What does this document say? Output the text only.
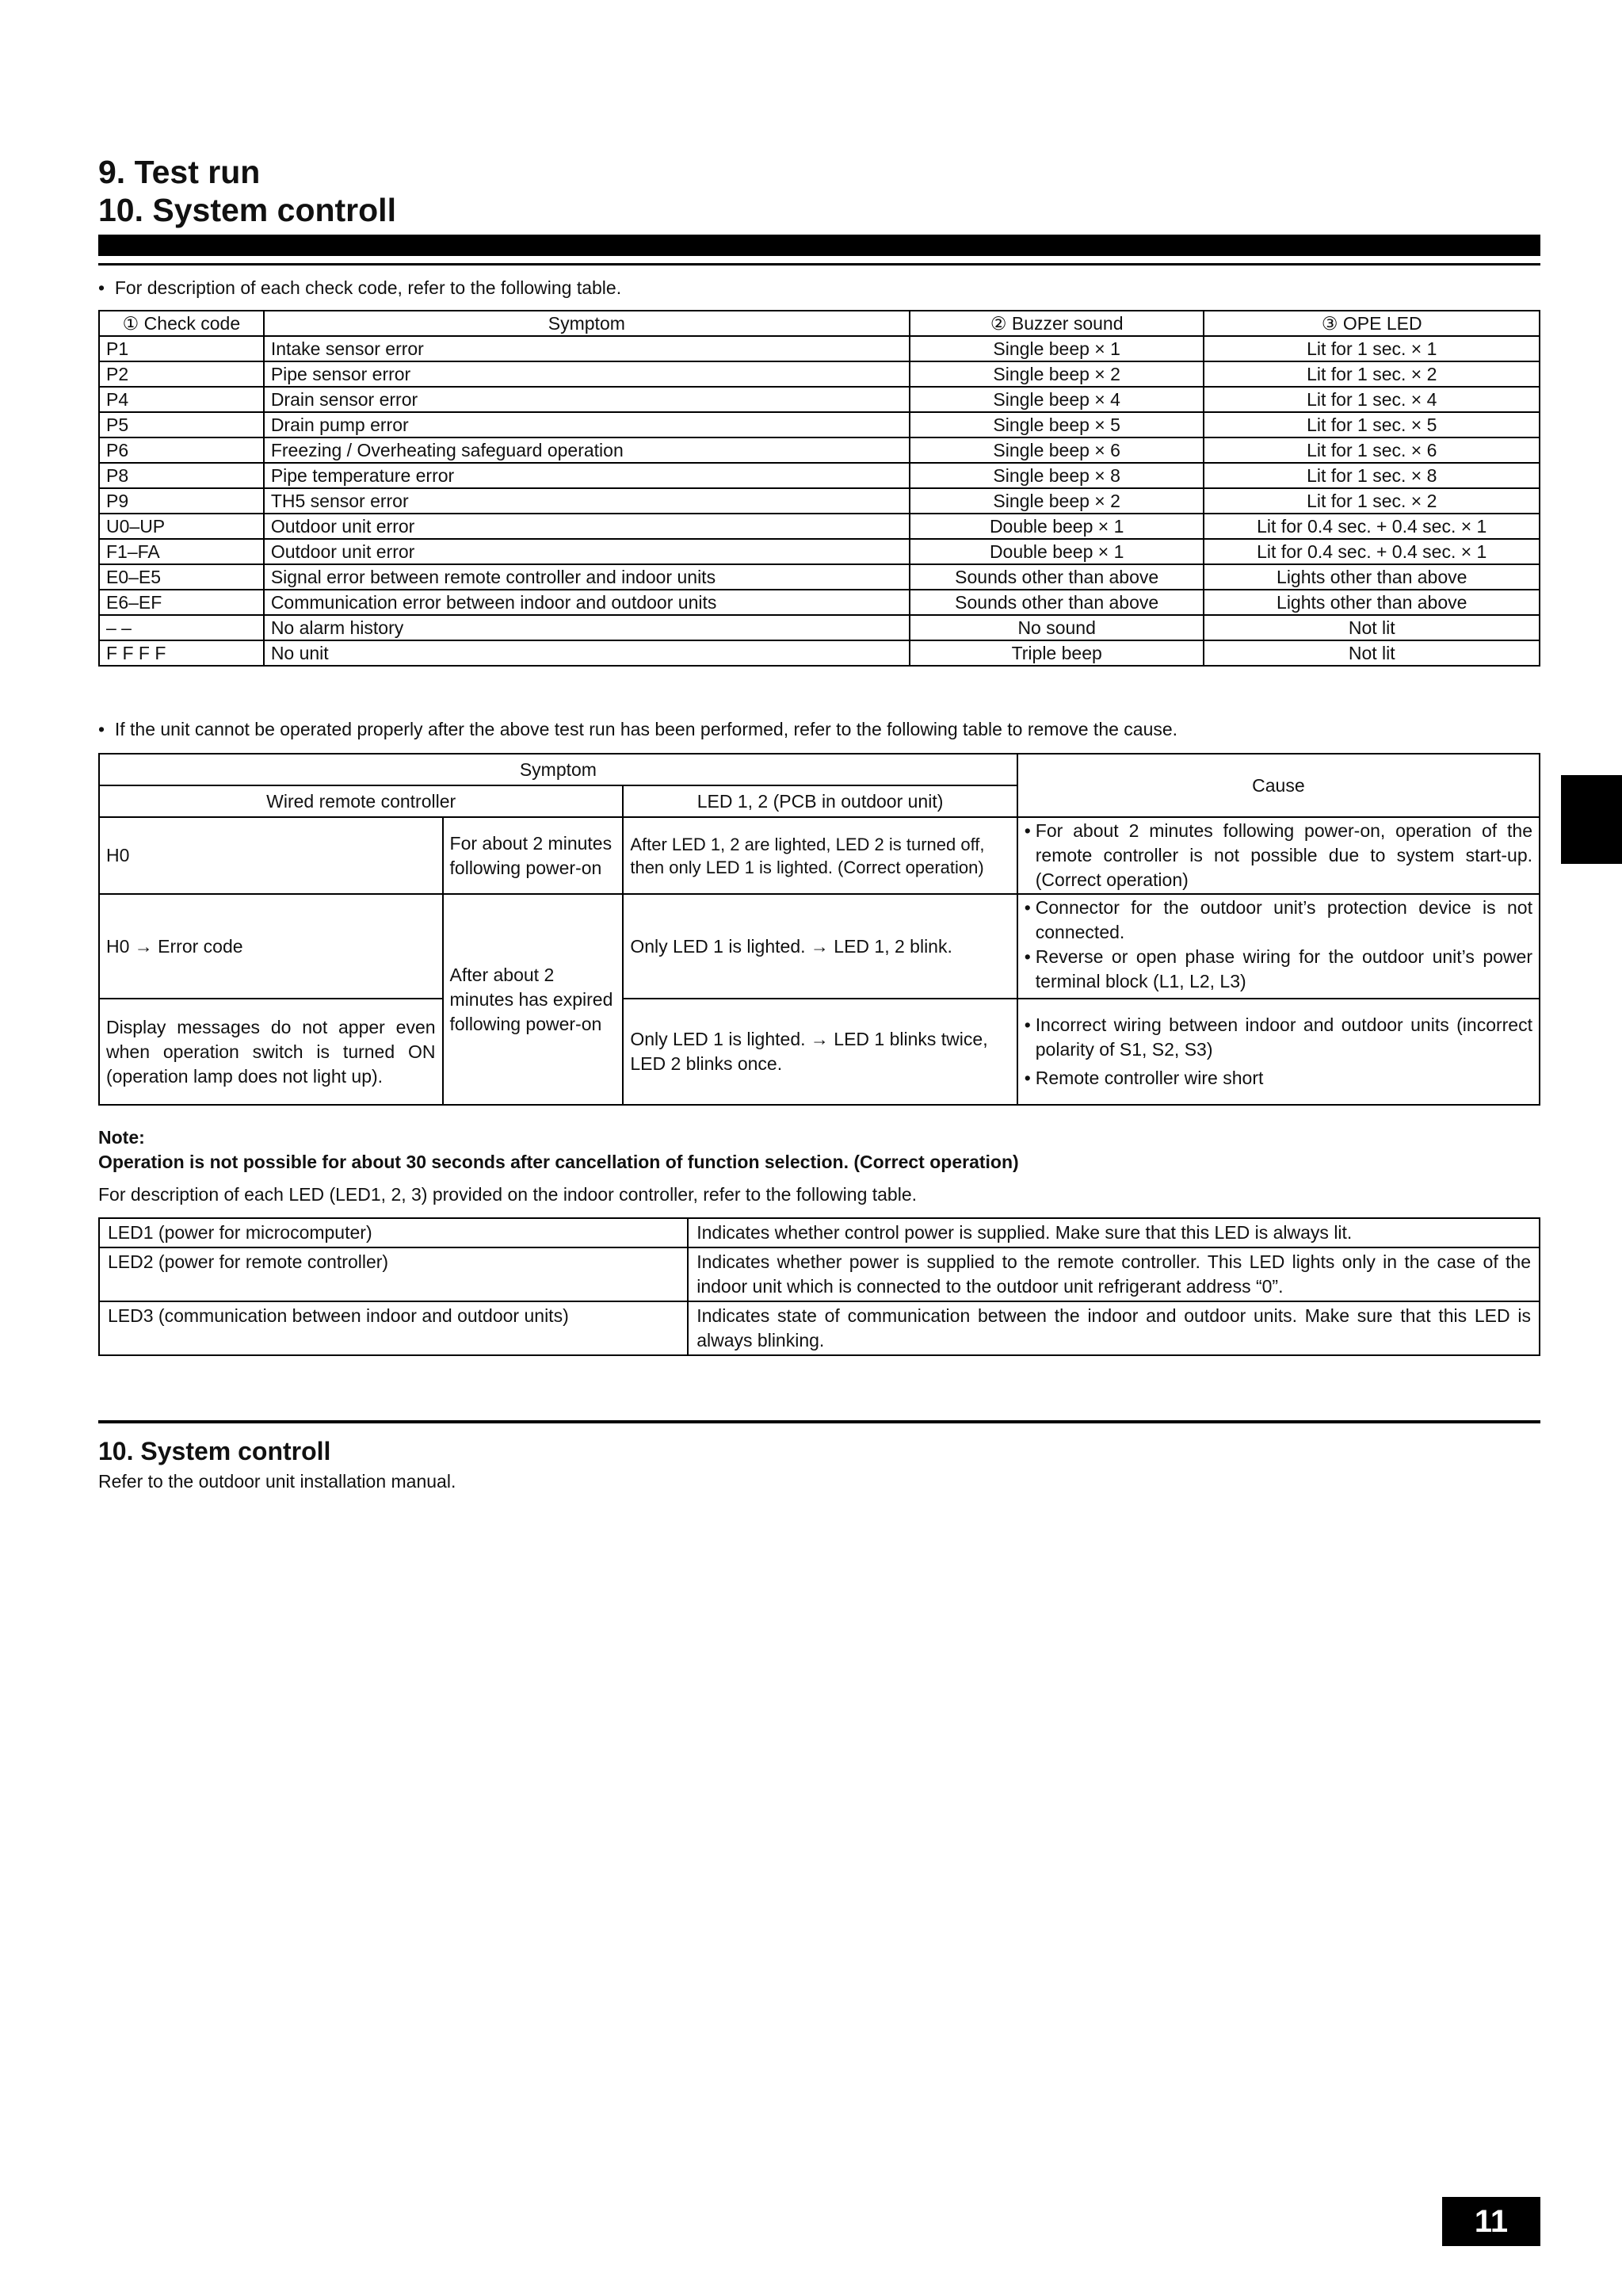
9. Test run
10. System controll
• For description of each check code, refer to the following table.
① Check code	Symptom	② Buzzer sound	③ OPE LED
P1	Intake sensor error	Single beep × 1	Lit for 1 sec. × 1
P2	Pipe sensor error	Single beep × 2	Lit for 1 sec. × 2
P4	Drain sensor error	Single beep × 4	Lit for 1 sec. × 4
P5	Drain pump error	Single beep × 5	Lit for 1 sec. × 5
P6	Freezing / Overheating safeguard operation	Single beep × 6	Lit for 1 sec. × 6
P8	Pipe temperature error	Single beep × 8	Lit for 1 sec. × 8
P9	TH5 sensor error	Single beep × 2	Lit for 1 sec. × 2
U0–UP	Outdoor unit error	Double beep × 1	Lit for 0.4 sec. + 0.4 sec. × 1
F1–FA	Outdoor unit error	Double beep × 1	Lit for 0.4 sec. + 0.4 sec. × 1
E0–E5	Signal error between remote controller and indoor units	Sounds other than above	Lights other than above
E6–EF	Communication error between indoor and outdoor units	Sounds other than above	Lights other than above
– –	No alarm history	No sound	Not lit
F F F F	No unit	Triple beep	Not lit
• If the unit cannot be operated properly after the above test run has been performed, refer to the following table to remove the cause.
Symptom			Cause
Wired remote controller		LED 1, 2 (PCB in outdoor unit)	
H0	For about 2 minutes following power-on	After LED 1, 2 are lighted, LED 2 is turned off, then only LED 1 is lighted. (Correct operation)	• For about 2 minutes following power-on, operation of the remote controller is not possible due to system start-up. (Correct operation)

H0 → Error code	After about 2 minutes has expired following power-on	Only LED 1 is lighted. → LED 1, 2 blink.	• Connector for the outdoor unit’s protection device is not connected.
• Reverse or open phase wiring for the outdoor unit’s power terminal block (L1, L2, L3)

Display messages do not apper even when operation switch is turned ON (operation lamp does not light up).		Only LED 1 is lighted. → LED 1 blinks twice, LED 2 blinks once.	• Incorrect wiring between indoor and outdoor units (incorrect polarity of S1, S2, S3)
• Remote controller wire short
Note:
Operation is not possible for about 30 seconds after cancellation of function selection. (Correct operation)
For description of each LED (LED1, 2, 3) provided on the indoor controller, refer to the following table.
LED1 (power for microcomputer)	Indicates whether control power is supplied. Make sure that this LED is always lit.
LED2 (power for remote controller)	Indicates whether power is supplied to the remote controller. This LED lights only in the case of the indoor unit which is connected to the outdoor unit refrigerant address “0”.
LED3 (communication between indoor and outdoor units)	Indicates state of communication between the indoor and outdoor units. Make sure that this LED is always blinking.
10. System controll
Refer to the outdoor unit installation manual.
11
